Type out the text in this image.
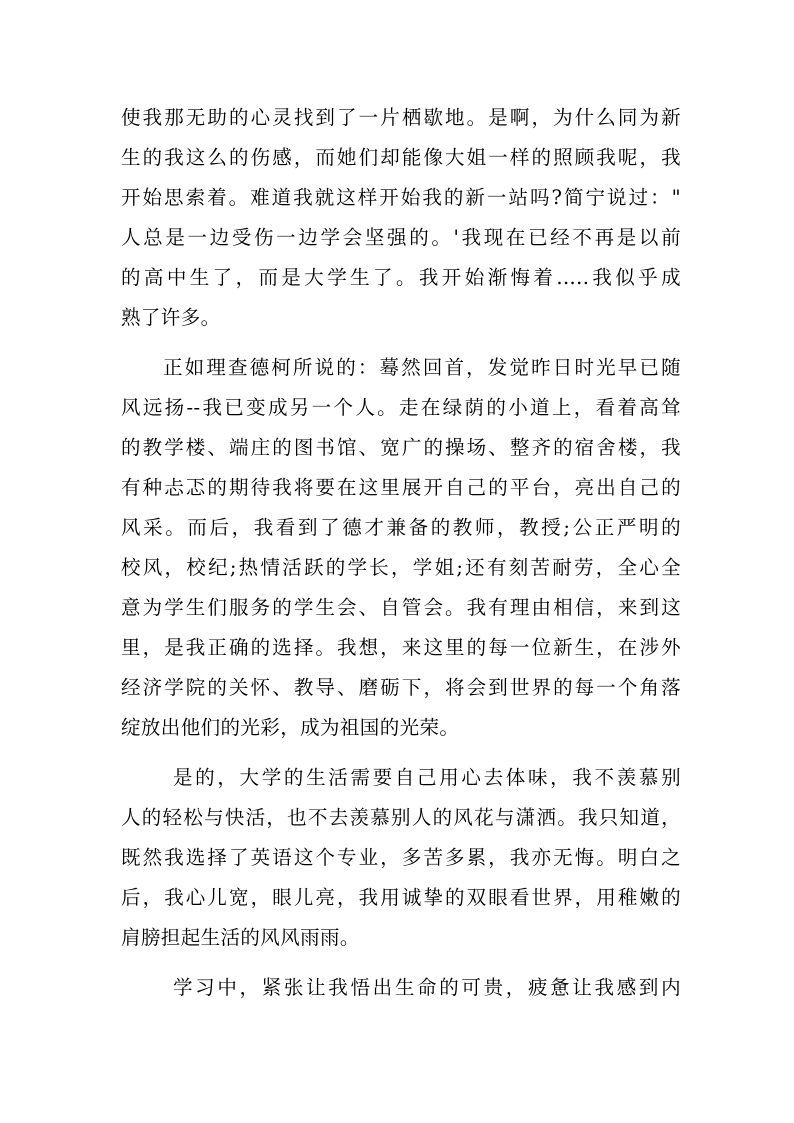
使我那无助的心灵找到了一片栖歇地。是啊，为什么同为新
生的我这么的伤感，而她们却能像大姐一样的照顾我呢，我
开始思索着。难道我就这样开始我的新一站吗?简宁说过："
人总是一边受伤一边学会坚强的。'我现在已经不再是以前
的高中生了，而是大学生了。我开始渐悔着.....我似乎成
熟了许多。
正如理查德柯所说的：蓦然回首，发觉昨日时光早已随
风远扬--我已变成另一个人。走在绿荫的小道上，看着高耸
的教学楼、端庄的图书馆、宽广的操场、整齐的宿舍楼，我
有种忐忑的期待我将要在这里展开自己的平台，亮出自己的
风采。而后，我看到了德才兼备的教师，教授;公正严明的
校风，校纪;热情活跃的学长，学姐;还有刻苦耐劳，全心全
意为学生们服务的学生会、自管会。我有理由相信，来到这
里，是我正确的选择。我想，来这里的每一位新生，在涉外
经济学院的关怀、教导、磨砺下，将会到世界的每一个角落
绽放出他们的光彩，成为祖国的光荣。
是的，大学的生活需要自己用心去体味，我不羡慕别
人的轻松与快活，也不去羡慕别人的风花与潇洒。我只知道，
既然我选择了英语这个专业，多苦多累，我亦无悔。明白之
后，我心儿宽，眼儿亮，我用诚挚的双眼看世界，用稚嫩的
肩膀担起生活的风风雨雨。
学习中，紧张让我悟出生命的可贵，疲惫让我感到内
